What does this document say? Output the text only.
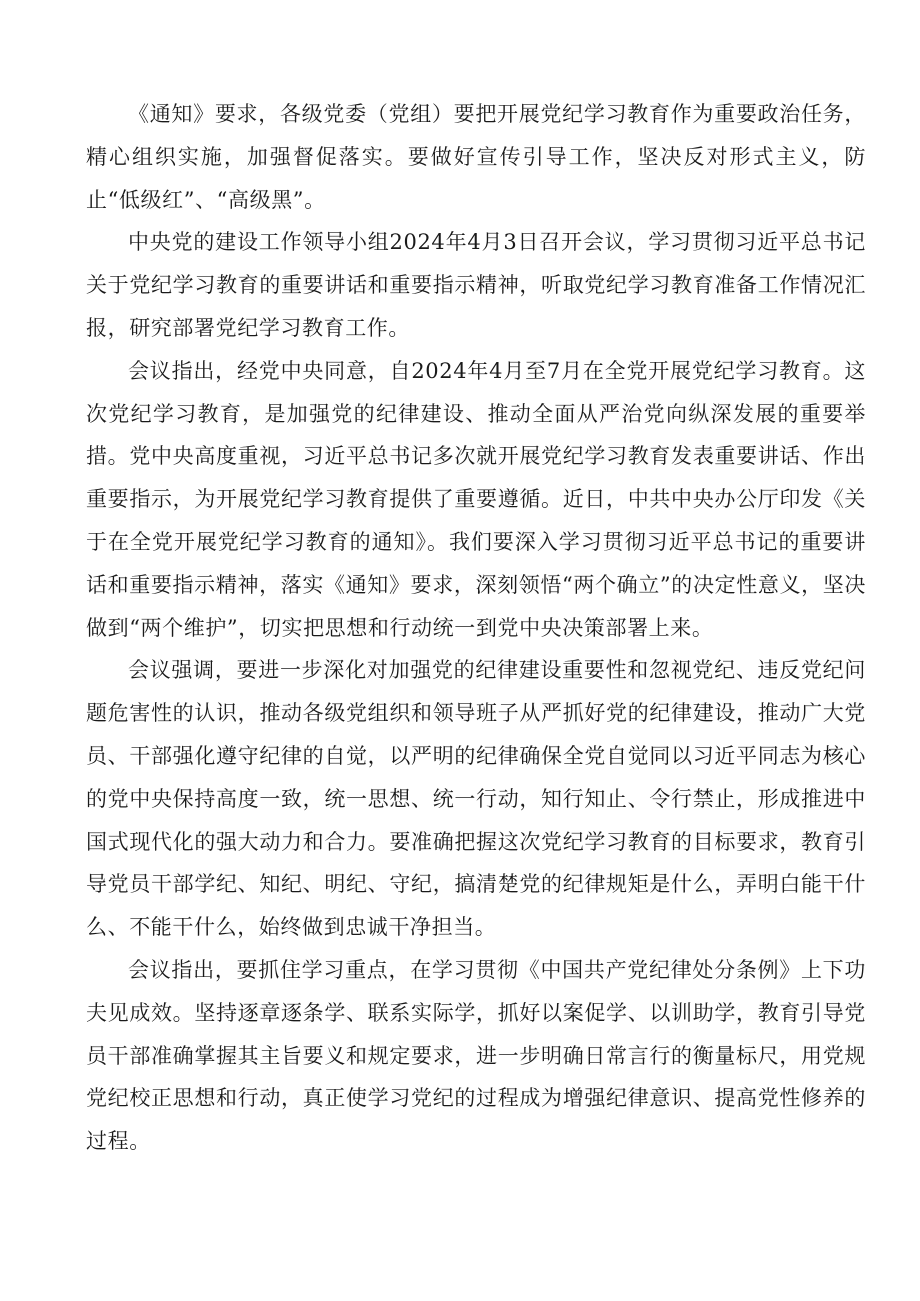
《通知》要求，各级党委（党组）要把开展党纪学习教育作为重要政治任务，精心组织实施，加强督促落实。要做好宣传引导工作，坚决反对形式主义，防止“低级红”、“高级黑”。

中央党的建设工作领导小组2024年4月3日召开会议，学习贯彻习近平总书记关于党纪学习教育的重要讲话和重要指示精神，听取党纪学习教育准备工作情况汇报，研究部署党纪学习教育工作。

会议指出，经党中央同意，自2024年4月至7月在全党开展党纪学习教育。这次党纪学习教育，是加强党的纪律建设、推动全面从严治党向纵深发展的重要举措。党中央高度重视，习近平总书记多次就开展党纪学习教育发表重要讲话、作出重要指示，为开展党纪学习教育提供了重要遵循。近日，中共中央办公厅印发《关于在全党开展党纪学习教育的通知》。我们要深入学习贯彻习近平总书记的重要讲话和重要指示精神，落实《通知》要求，深刻领悟“两个确立”的决定性意义，坚决做到“两个维护”，切实把思想和行动统一到党中央决策部署上来。

会议强调，要进一步深化对加强党的纪律建设重要性和忽视党纪、违反党纪问题危害性的认识，推动各级党组织和领导班子从严抓好党的纪律建设，推动广大党员、干部强化遵守纪律的自觉，以严明的纪律确保全党自觉同以习近平同志为核心的党中央保持高度一致，统一思想、统一行动，知行知止、令行禁止，形成推进中国式现代化的强大动力和合力。要准确把握这次党纪学习教育的目标要求，教育引导党员干部学纪、知纪、明纪、守纪，搞清楚党的纪律规矩是什么，弄明白能干什么、不能干什么，始终做到忠诚干净担当。

会议指出，要抓住学习重点，在学习贯彻《中国共产党纪律处分条例》上下功夫见成效。坚持逐章逐条学、联系实际学，抓好以案促学、以训助学，教育引导党员干部准确掌握其主旨要义和规定要求，进一步明确日常言行的衡量标尺，用党规党纪校正思想和行动，真正使学习党纪的过程成为增强纪律意识、提高党性修养的过程。
